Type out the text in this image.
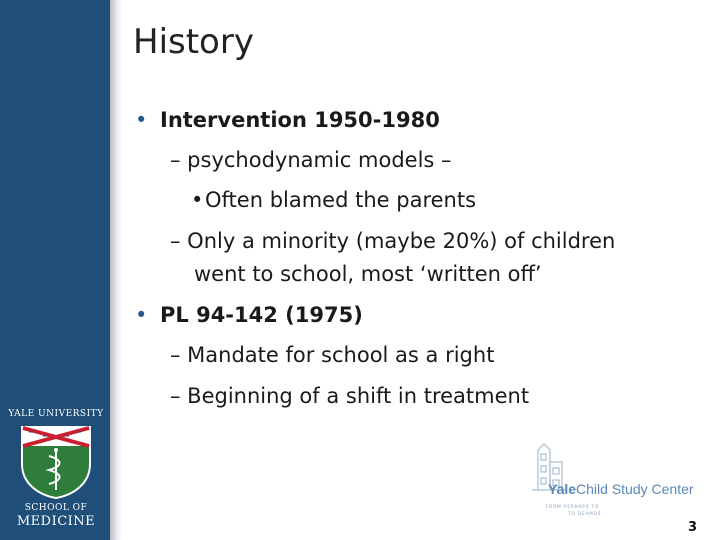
History
• Intervention 1950-1980
– psychodynamic models –
• Often blamed the parents
– Only a minority (maybe 20%) of children
went to school, most ‘written off’
• PL 94-142 (1975)
– Mandate for school as a right
– Beginning of a shift in treatment
YALE UNIVERSITY
SCHOOL OF
MEDICINE
YaleChild Study Center
FROM PERHAPS TO
TO DEAMOS
3
